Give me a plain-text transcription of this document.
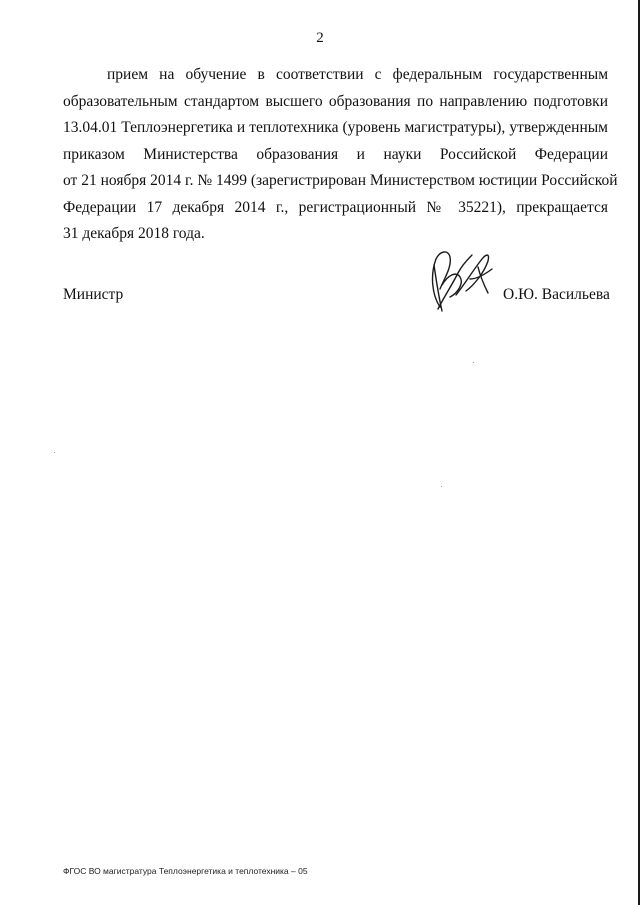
2
прием на обучение в соответствии с федеральным государственным
образовательным стандартом высшего образования по направлению подготовки
13.04.01 Теплоэнергетика и теплотехника (уровень магистратуры), утвержденным
приказом Министерства образования и науки Российской Федерации
от 21 ноября 2014 г. № 1499 (зарегистрирован Министерством юстиции Российской
Федерации 17 декабря 2014 г., регистрационный № 35221), прекращается
31 декабря 2018 года.
Министр	О.Ю. Васильева
ФГОС ВО магистратура Теплоэнергетика и теплотехника – 05
